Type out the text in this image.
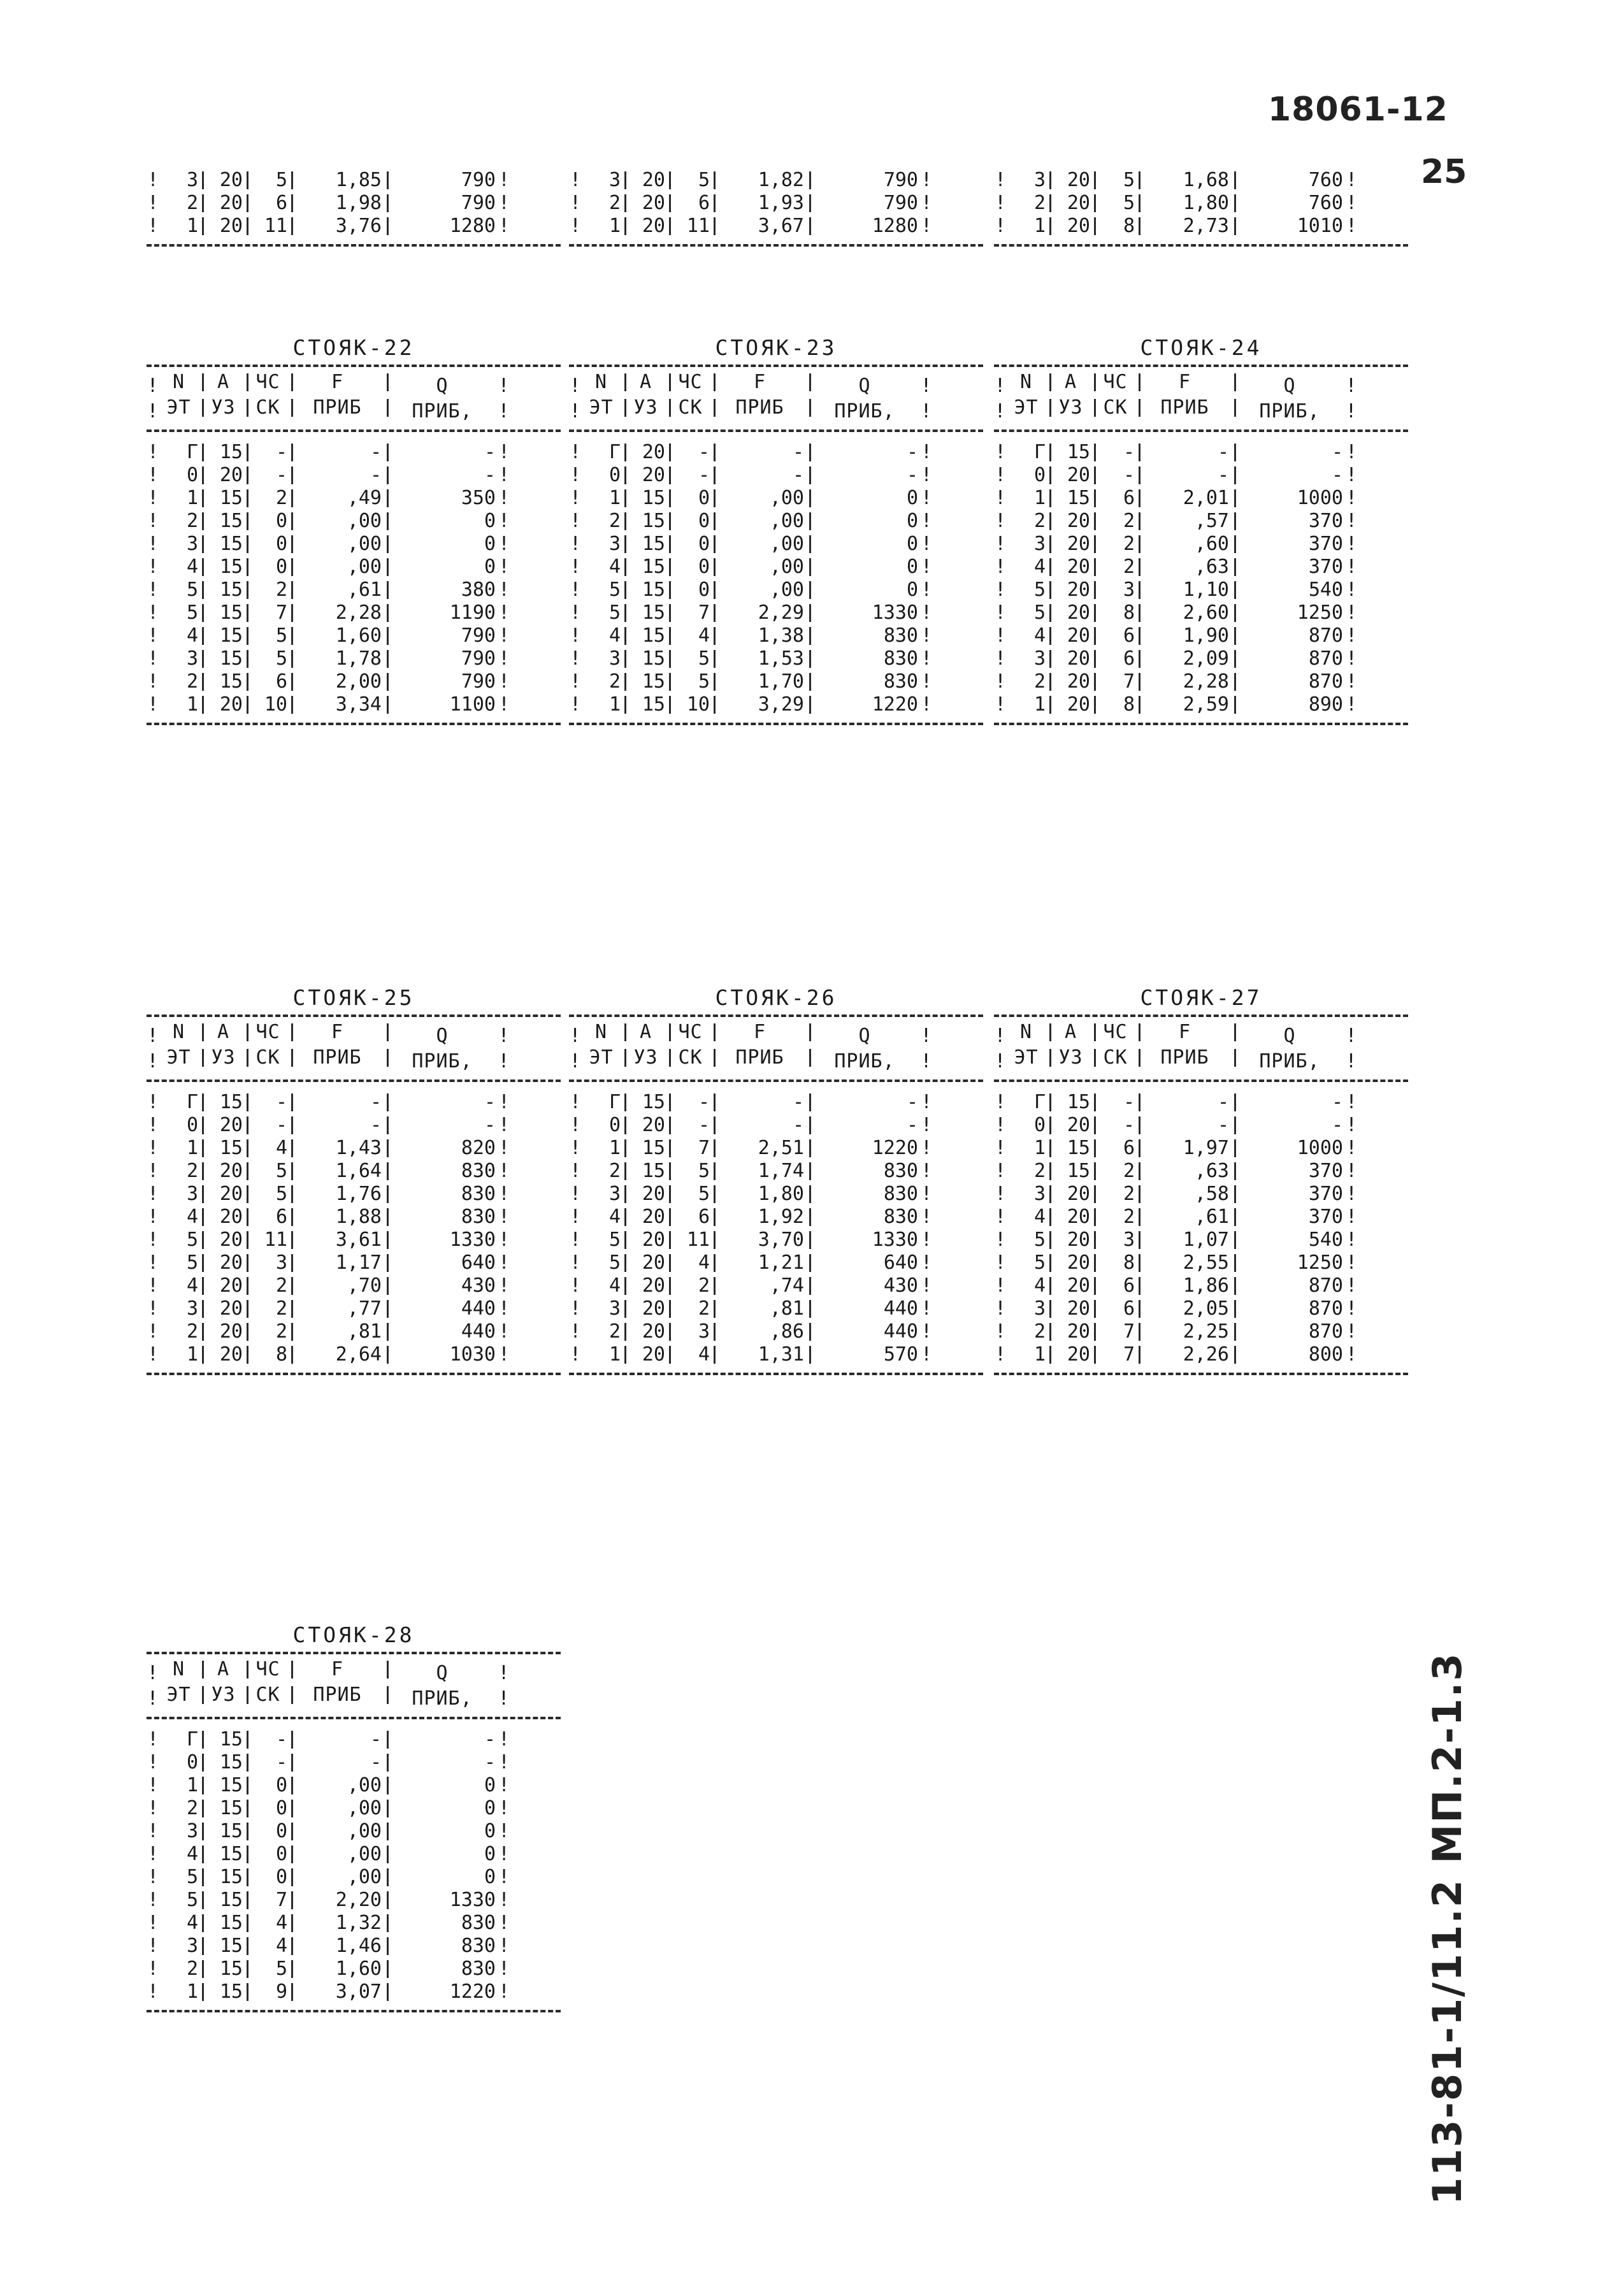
18061-12
25
113-81-1/11.2 МП.2-1.3
!	3	20	5	1,85	790 !
!	2	20	6	1,98	790 !
!	1	20	11	3,76	1280 !
!	3	20	5	1,82	790 !
!	2	20	6	1,93	790 !
!	1	20	11	3,67	1280 !
!	3	20	5	1,68	760 !
!	2	20	5	1,80	760 !
!	1	20	8	2,73	1010 !
СТОЯК-22
! N	А	ЧС	F	Q	!
! ЭТ	УЗ	СК	ПРИБ	ПРИБ,	!
!	Г	15	-	-	- !
!	0	20	-	-	- !
!	1	15	2	,49	350 !
!	2	15	0	,00	0 !
!	3	15	0	,00	0 !
!	4	15	0	,00	0 !
!	5	15	2	,61	380 !
!	5	15	7	2,28	1190 !
!	4	15	5	1,60	790 !
!	3	15	5	1,78	790 !
!	2	15	6	2,00	790 !
!	1	20	10	3,34	1100 !
СТОЯК-23
! N	А	ЧС	F	Q	!
! ЭТ	УЗ	СК	ПРИБ	ПРИБ,	!
!	Г	20	-	-	- !
!	0	20	-	-	- !
!	1	15	0	,00	0 !
!	2	15	0	,00	0 !
!	3	15	0	,00	0 !
!	4	15	0	,00	0 !
!	5	15	0	,00	0 !
!	5	15	7	2,29	1330 !
!	4	15	4	1,38	830 !
!	3	15	5	1,53	830 !
!	2	15	5	1,70	830 !
!	1	15	10	3,29	1220 !
СТОЯК-24
! N	А	ЧС	F	Q	!
! ЭТ	УЗ	СК	ПРИБ	ПРИБ,	!
!	Г	15	-	-	- !
!	0	20	-	-	- !
!	1	15	6	2,01	1000 !
!	2	20	2	,57	370 !
!	3	20	2	,60	370 !
!	4	20	2	,63	370 !
!	5	20	3	1,10	540 !
!	5	20	8	2,60	1250 !
!	4	20	6	1,90	870 !
!	3	20	6	2,09	870 !
!	2	20	7	2,28	870 !
!	1	20	8	2,59	890 !
СТОЯК-25
! N	А	ЧС	F	Q	!
! ЭТ	УЗ	СК	ПРИБ	ПРИБ,	!
!	Г	15	-	-	- !
!	0	20	-	-	- !
!	1	15	4	1,43	820 !
!	2	20	5	1,64	830 !
!	3	20	5	1,76	830 !
!	4	20	6	1,88	830 !
!	5	20	11	3,61	1330 !
!	5	20	3	1,17	640 !
!	4	20	2	,70	430 !
!	3	20	2	,77	440 !
!	2	20	2	,81	440 !
!	1	20	8	2,64	1030 !
СТОЯК-26
! N	А	ЧС	F	Q	!
! ЭТ	УЗ	СК	ПРИБ	ПРИБ,	!
!	Г	15	-	-	- !
!	0	20	-	-	- !
!	1	15	7	2,51	1220 !
!	2	15	5	1,74	830 !
!	3	20	5	1,80	830 !
!	4	20	6	1,92	830 !
!	5	20	11	3,70	1330 !
!	5	20	4	1,21	640 !
!	4	20	2	,74	430 !
!	3	20	2	,81	440 !
!	2	20	3	,86	440 !
!	1	20	4	1,31	570 !
СТОЯК-27
! N	А	ЧС	F	Q	!
! ЭТ	УЗ	СК	ПРИБ	ПРИБ,	!
!	Г	15	-	-	- !
!	0	20	-	-	- !
!	1	15	6	1,97	1000 !
!	2	15	2	,63	370 !
!	3	20	2	,58	370 !
!	4	20	2	,61	370 !
!	5	20	3	1,07	540 !
!	5	20	8	2,55	1250 !
!	4	20	6	1,86	870 !
!	3	20	6	2,05	870 !
!	2	20	7	2,25	870 !
!	1	20	7	2,26	800 !
СТОЯК-28
! N	А	ЧС	F	Q	!
! ЭТ	УЗ	СК	ПРИБ	ПРИБ,	!
!	Г	15	-	-	- !
!	0	15	-	-	- !
!	1	15	0	,00	0 !
!	2	15	0	,00	0 !
!	3	15	0	,00	0 !
!	4	15	0	,00	0 !
!	5	15	0	,00	0 !
!	5	15	7	2,20	1330 !
!	4	15	4	1,32	830 !
!	3	15	4	1,46	830 !
!	2	15	5	1,60	830 !
!	1	15	9	3,07	1220 !
